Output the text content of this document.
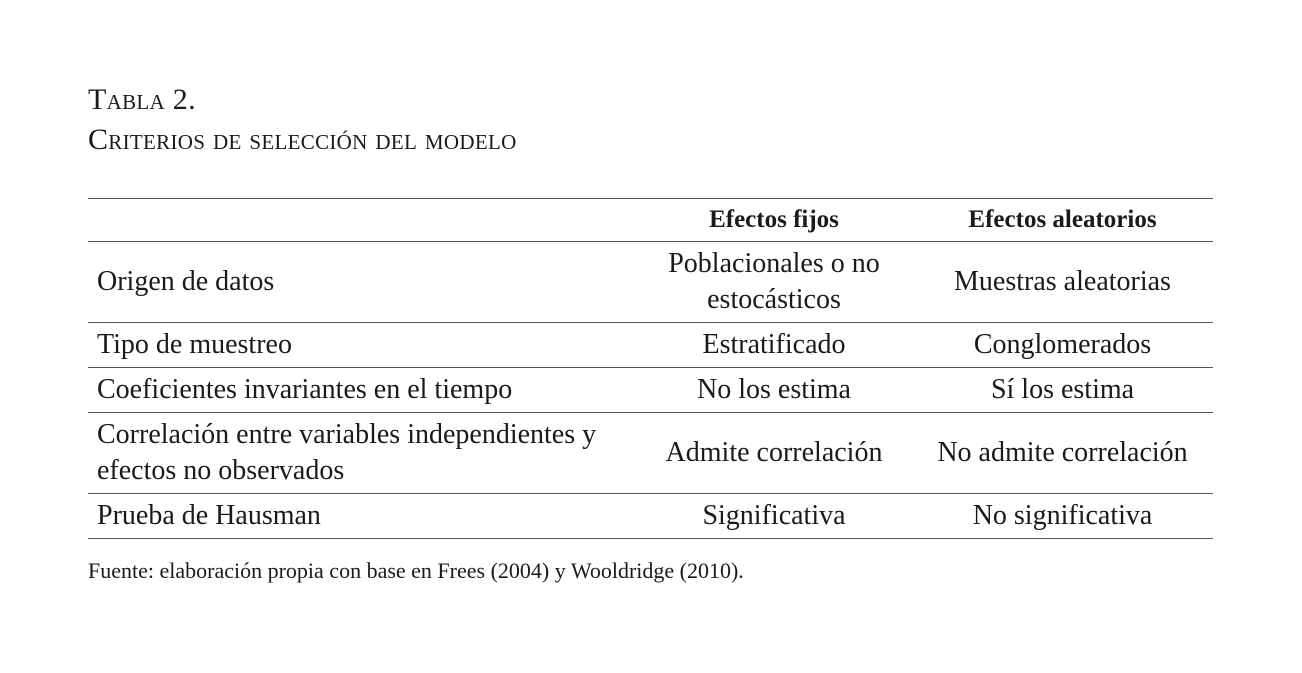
Tabla 2.
Criterios de selección del modelo
	Efectos fijos	Efectos aleatorios
Origen de datos	Poblacionales o no estocásticos	Muestras aleatorias
Tipo de muestreo	Estratificado	Conglomerados
Coeficientes invariantes en el tiempo	No los estima	Sí los estima
Correlación entre variables independientes y efectos no observados	Admite correlación	No admite correlación
Prueba de Hausman	Significativa	No significativa
Fuente: elaboración propia con base en Frees (2004) y Wooldridge (2010).
